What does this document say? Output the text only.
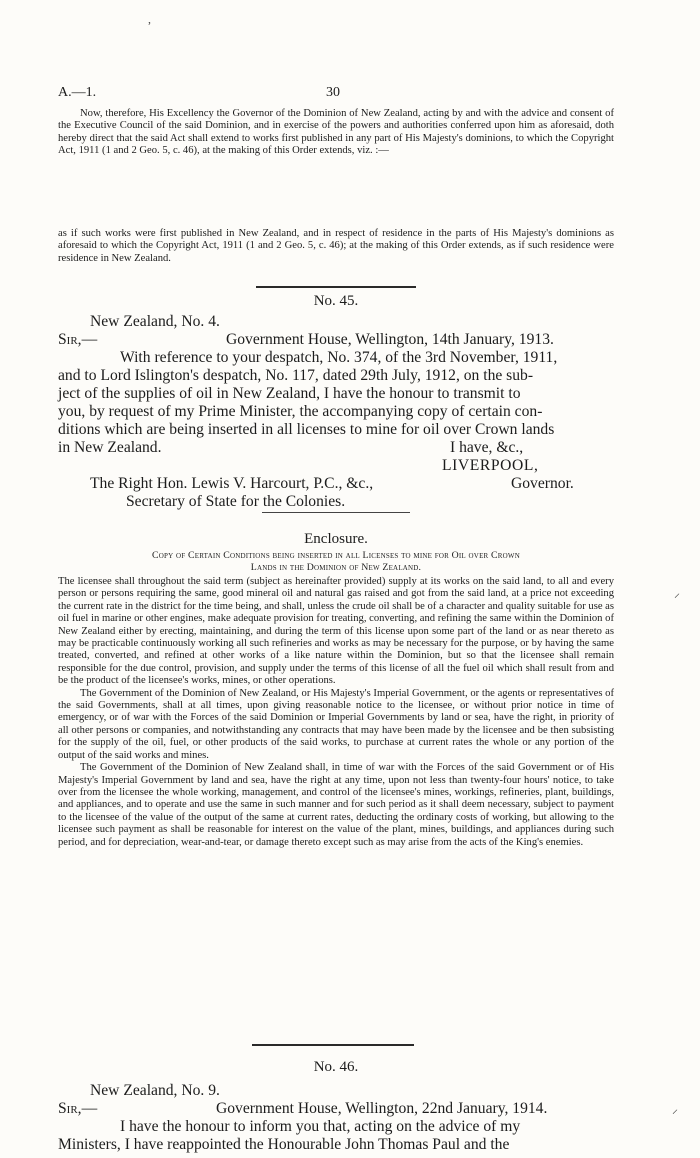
A.—1.	30

Now, therefore, His Excellency the Governor of the Dominion of New Zealand, acting by and with the advice and consent of the Executive Council of the said Dominion, and in exercise of the powers and authorities conferred upon him as aforesaid, doth hereby direct that the said Act shall extend to works first published in any part of His Majesty's dominions, to which the Copyright Act, 1911 (1 and 2 Geo. 5, c. 46), at the making of this Order extends, viz. :—

as if such works were first published in New Zealand, and in respect of residence in the parts of His Majesty's dominions as aforesaid to which the Copyright Act, 1911 (1 and 2 Geo. 5, c. 46); at the making of this Order extends, as if such residence were residence in New Zealand.

No. 45.
New Zealand, No. 4.
Sir,—	Government House, Wellington, 14th January, 1913.
With reference to your despatch, No. 374, of the 3rd November, 1911,
and to Lord Islington's despatch, No. 117, dated 29th July, 1912, on the sub-
ject of the supplies of oil in New Zealand, I have the honour to transmit to
you, by request of my Prime Minister, the accompanying copy of certain con-
ditions which are being inserted in all licenses to mine for oil over Crown lands
in New Zealand.	I have, &c.,
LIVERPOOL,
The Right Hon. Lewis V. Harcourt, P.C., &c.,	Governor.
Secretary of State for the Colonies.
Enclosure.
Copy of Certain Conditions being inserted in all Licenses to mine for Oil over Crown
Lands in the Dominion of New Zealand.

The licensee shall throughout the said term (subject as hereinafter provided) supply at its works on the said land, to all and every person or persons requiring the same, good mineral oil and natural gas raised and got from the said land, at a price not exceeding the current rate in the district for the time being, and shall, unless the crude oil shall be of a character and quality suitable for use as oil fuel in marine or other engines, make adequate provision for treating, converting, and refining the same within the Dominion of New Zealand either by erecting, maintaining, and during the term of this license upon some part of the land or as near thereto as may be practicable continuously working all such refineries and works as may be necessary for the purpose, or by having the same treated, converted, and refined at other works of a like nature within the Dominion, but so that the licensee shall remain responsible for the due control, provision, and supply under the terms of this license of all the fuel oil which shall result from and be the product of the licensee's works, mines, or other operations.

The Government of the Dominion of New Zealand, or His Majesty's Imperial Government, or the agents or representatives of the said Governments, shall at all times, upon giving reasonable notice to the licensee, or without prior notice in time of emergency, or of war with the Forces of the said Dominion or Imperial Governments by land or sea, have the right, in priority of all other persons or companies, and notwithstanding any contracts that may have been made by the licensee and be then subsisting for the supply of the oil, fuel, or other products of the said works, to purchase at current rates the whole or any portion of the output of the said works and mines.

The Government of the Dominion of New Zealand shall, in time of war with the Forces of the said Government or of His Majesty's Imperial Government by land and sea, have the right at any time, upon not less than twenty-four hours' notice, to take over from the licensee the whole working, management, and control of the licensee's mines, workings, refineries, plant, buildings, and appliances, and to operate and use the same in such manner and for such period as it shall deem necessary, subject to payment to the licensee of the value of the output of the same at current rates, deducting the ordinary costs of working, but allowing to the licensee such payment as shall be reasonable for interest on the value of the plant, mines, buildings, and appliances during such period, and for depreciation, wear-and-tear, or damage thereto except such as may arise from the acts of the King's enemies.

No. 46.
New Zealand, No. 9.
Sir,—	Government House, Wellington, 22nd January, 1914.
I have the honour to inform you that, acting on the advice of my
Ministers, I have reappointed the Honourable John Thomas Paul and the
,
⸝
⸝
